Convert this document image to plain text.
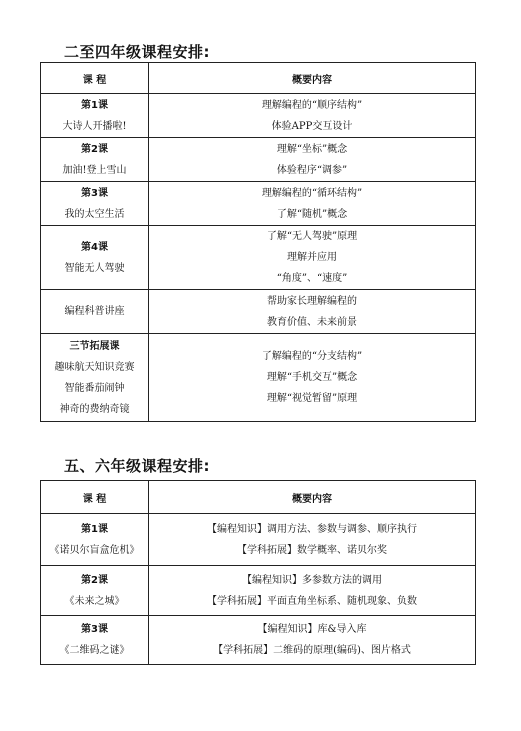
二至四年级课程安排:
课 程	概要内容

第1课
大诗人开播啦!	理解编程的“顺序结构”
体验APP交互设计

第2课
加油!登上雪山	理解“坐标”概念
体验程序“调参”

第3课
我的太空生活	理解编程的“循环结构”
了解“随机”概念

第4课
智能无人驾驶	了解“无人驾驶”原理
理解并应用
“角度”、“速度”

编程科普讲座	帮助家长理解编程的
教育价值、未来前景

三节拓展课
趣味航天知识竞赛
智能番茄闹钟
神奇的费纳奇镜	了解编程的“分支结构”
理解“手机交互”概念
理解“视觉暂留”原理
五、六年级课程安排:
课 程	概要内容

第1课
《诺贝尔盲盒危机》	【编程知识】调用方法、参数与调参、顺序执行
【学科拓展】数学概率、诺贝尔奖

第2课
《未来之城》	【编程知识】多参数方法的调用
【学科拓展】平面直角坐标系、随机现象、负数

第3课
《二维码之谜》	【编程知识】库&导入库
【学科拓展】二维码的原理(编码)、图片格式
